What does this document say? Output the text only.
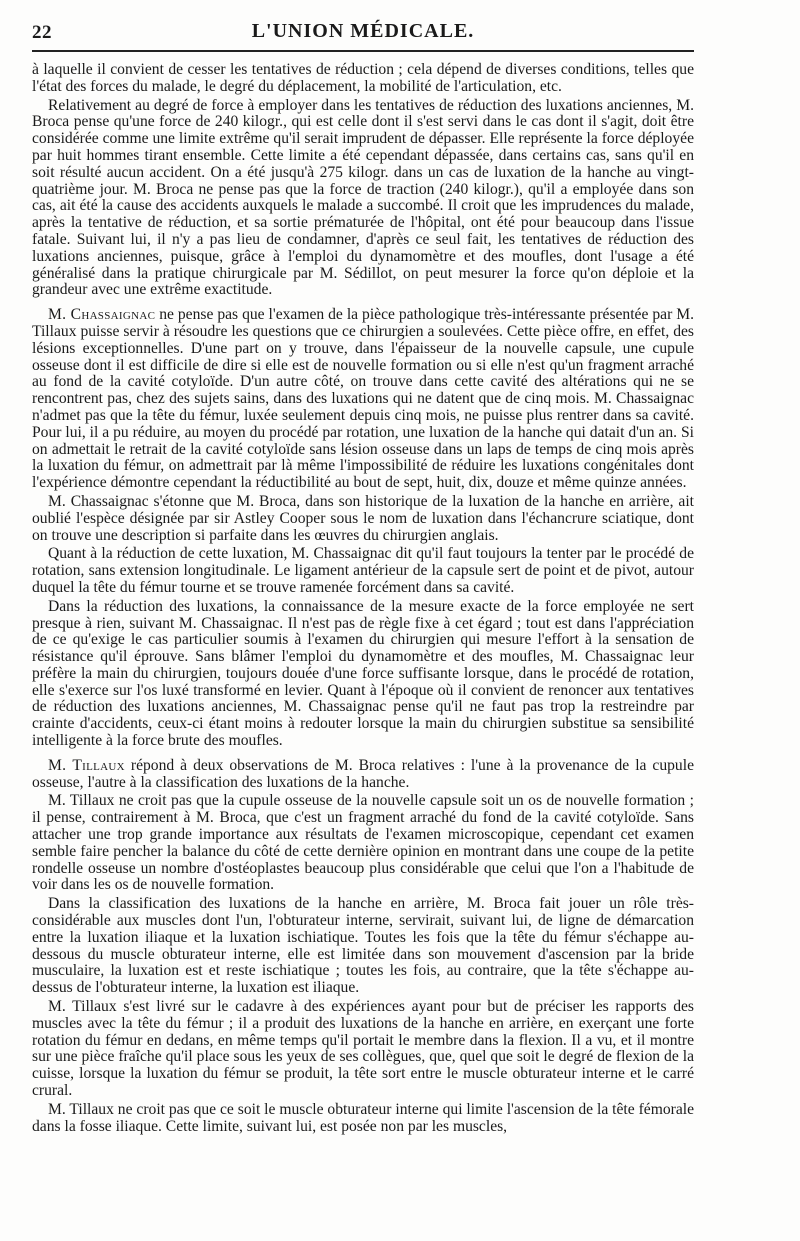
22	L'UNION MÉDICALE.

à laquelle il convient de cesser les tentatives de réduction ; cela dépend de diverses conditions, telles que l'état des forces du malade, le degré du déplacement, la mobilité de l'articulation, etc.

Relativement au degré de force à employer dans les tentatives de réduction des luxations anciennes, M. Broca pense qu'une force de 240 kilogr., qui est celle dont il s'est servi dans le cas dont il s'agit, doit être considérée comme une limite extrême qu'il serait imprudent de dépasser. Elle représente la force déployée par huit hommes tirant ensemble. Cette limite a été cependant dépassée, dans certains cas, sans qu'il en soit résulté aucun accident. On a été jusqu'à 275 kilogr. dans un cas de luxation de la hanche au vingt-quatrième jour. M. Broca ne pense pas que la force de traction (240 kilogr.), qu'il a employée dans son cas, ait été la cause des accidents auxquels le malade a succombé. Il croit que les imprudences du malade, après la tentative de réduction, et sa sortie prématurée de l'hôpital, ont été pour beaucoup dans l'issue fatale. Suivant lui, il n'y a pas lieu de condamner, d'après ce seul fait, les tentatives de réduction des luxations anciennes, puisque, grâce à l'emploi du dynamomètre et des moufles, dont l'usage a été généralisé dans la pratique chirurgicale par M. Sédillot, on peut mesurer la force qu'on déploie et la grandeur avec une extrême exactitude.

M. Chassaignac ne pense pas que l'examen de la pièce pathologique très-intéressante présentée par M. Tillaux puisse servir à résoudre les questions que ce chirurgien a soulevées. Cette pièce offre, en effet, des lésions exceptionnelles. D'une part on y trouve, dans l'épaisseur de la nouvelle capsule, une cupule osseuse dont il est difficile de dire si elle est de nouvelle formation ou si elle n'est qu'un fragment arraché au fond de la cavité cotyloïde. D'un autre côté, on trouve dans cette cavité des altérations qui ne se rencontrent pas, chez des sujets sains, dans des luxations qui ne datent que de cinq mois. M. Chassaignac n'admet pas que la tête du fémur, luxée seulement depuis cinq mois, ne puisse plus rentrer dans sa cavité. Pour lui, il a pu réduire, au moyen du procédé par rotation, une luxation de la hanche qui datait d'un an. Si on admettait le retrait de la cavité cotyloïde sans lésion osseuse dans un laps de temps de cinq mois après la luxation du fémur, on admettrait par là même l'impossibilité de réduire les luxations congénitales dont l'expérience démontre cependant la réductibilité au bout de sept, huit, dix, douze et même quinze années.

M. Chassaignac s'étonne que M. Broca, dans son historique de la luxation de la hanche en arrière, ait oublié l'espèce désignée par sir Astley Cooper sous le nom de luxation dans l'échancrure sciatique, dont on trouve une description si parfaite dans les œuvres du chirurgien anglais.

Quant à la réduction de cette luxation, M. Chassaignac dit qu'il faut toujours la tenter par le procédé de rotation, sans extension longitudinale. Le ligament antérieur de la capsule sert de point et de pivot, autour duquel la tête du fémur tourne et se trouve ramenée forcément dans sa cavité.

Dans la réduction des luxations, la connaissance de la mesure exacte de la force employée ne sert presque à rien, suivant M. Chassaignac. Il n'est pas de règle fixe à cet égard ; tout est dans l'appréciation de ce qu'exige le cas particulier soumis à l'examen du chirurgien qui mesure l'effort à la sensation de résistance qu'il éprouve. Sans blâmer l'emploi du dynamomètre et des moufles, M. Chassaignac leur préfère la main du chirurgien, toujours douée d'une force suffisante lorsque, dans le procédé de rotation, elle s'exerce sur l'os luxé transformé en levier. Quant à l'époque où il convient de renoncer aux tentatives de réduction des luxations anciennes, M. Chassaignac pense qu'il ne faut pas trop la restreindre par crainte d'accidents, ceux-ci étant moins à redouter lorsque la main du chirurgien substitue sa sensibilité intelligente à la force brute des moufles.

M. Tillaux répond à deux observations de M. Broca relatives : l'une à la provenance de la cupule osseuse, l'autre à la classification des luxations de la hanche.

M. Tillaux ne croit pas que la cupule osseuse de la nouvelle capsule soit un os de nouvelle formation ; il pense, contrairement à M. Broca, que c'est un fragment arraché du fond de la cavité cotyloïde. Sans attacher une trop grande importance aux résultats de l'examen microscopique, cependant cet examen semble faire pencher la balance du côté de cette dernière opinion en montrant dans une coupe de la petite rondelle osseuse un nombre d'ostéoplastes beaucoup plus considérable que celui que l'on a l'habitude de voir dans les os de nouvelle formation.

Dans la classification des luxations de la hanche en arrière, M. Broca fait jouer un rôle très-considérable aux muscles dont l'un, l'obturateur interne, servirait, suivant lui, de ligne de démarcation entre la luxation iliaque et la luxation ischiatique. Toutes les fois que la tête du fémur s'échappe au-dessous du muscle obturateur interne, elle est limitée dans son mouvement d'ascension par la bride musculaire, la luxation est et reste ischiatique ; toutes les fois, au contraire, que la tête s'échappe au-dessus de l'obturateur interne, la luxation est iliaque.

M. Tillaux s'est livré sur le cadavre à des expériences ayant pour but de préciser les rapports des muscles avec la tête du fémur ; il a produit des luxations de la hanche en arrière, en exerçant une forte rotation du fémur en dedans, en même temps qu'il portait le membre dans la flexion. Il a vu, et il montre sur une pièce fraîche qu'il place sous les yeux de ses collègues, que, quel que soit le degré de flexion de la cuisse, lorsque la luxation du fémur se produit, la tête sort entre le muscle obturateur interne et le carré crural.

M. Tillaux ne croit pas que ce soit le muscle obturateur interne qui limite l'ascension de la tête fémorale dans la fosse iliaque. Cette limite, suivant lui, est posée non par les muscles,
